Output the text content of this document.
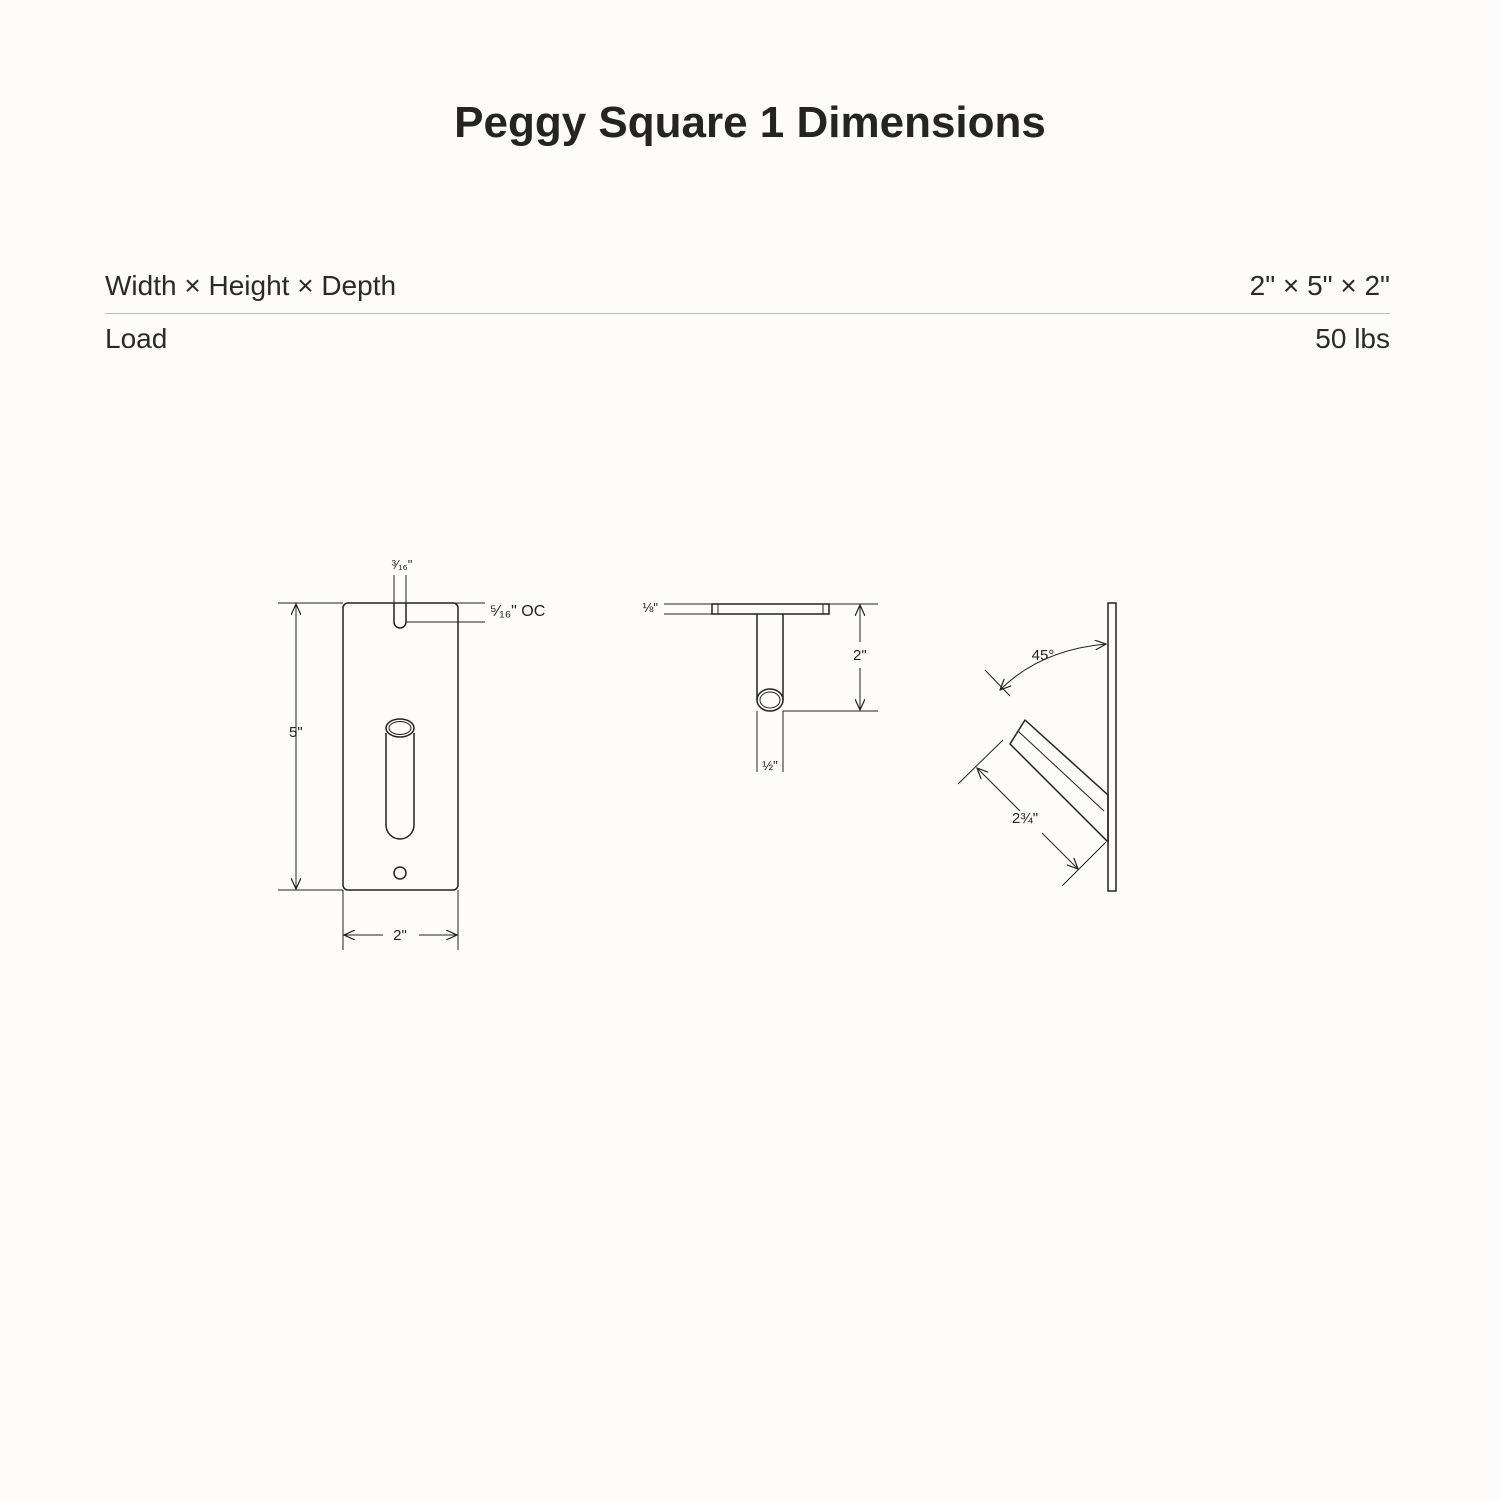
Peggy Square 1 Dimensions
Width × Height × Depth	2" × 5" × 2"
Load	50 lbs
5"
2"
³⁄₁₆"
⁵⁄₁₆" OC	⅛"
2"
½"
45°
2¾"
